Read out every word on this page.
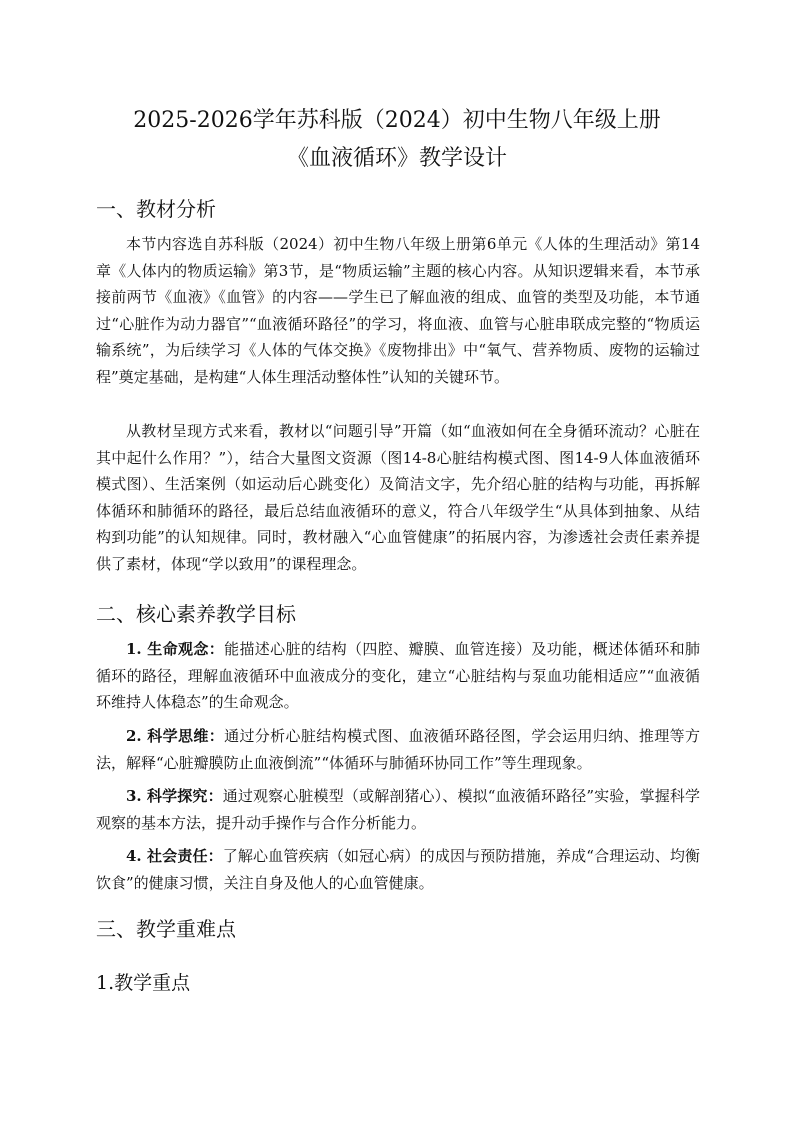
2025-2026学年苏科版（2024）初中生物八年级上册
《血液循环》教学设计
一、教材分析

本节内容选自苏科版（2024）初中生物八年级上册第6单元《人体的生理活动》第14章《人体内的物质运输》第3节，是“物质运输”主题的核心内容。从知识逻辑来看，本节承接前两节《血液》《血管》的内容——学生已了解血液的组成、血管的类型及功能，本节通过“心脏作为动力器官”“血液循环路径”的学习，将血液、血管与心脏串联成完整的“物质运输系统”，为后续学习《人体的气体交换》《废物排出》中“氧气、营养物质、废物的运输过程”奠定基础，是构建“人体生理活动整体性”认知的关键环节。

从教材呈现方式来看，教材以“问题引导”开篇（如“血液如何在全身循环流动？心脏在其中起什么作用？”），结合大量图文资源（图14-8心脏结构模式图、图14-9人体血液循环模式图）、生活案例（如运动后心跳变化）及简洁文字，先介绍心脏的结构与功能，再拆解体循环和肺循环的路径，最后总结血液循环的意义，符合八年级学生“从具体到抽象、从结构到功能”的认知规律。同时，教材融入“心血管健康”的拓展内容，为渗透社会责任素养提供了素材，体现“学以致用”的课程理念。

二、核心素养教学目标

1. 生命观念：能描述心脏的结构（四腔、瓣膜、血管连接）及功能，概述体循环和肺循环的路径，理解血液循环中血液成分的变化，建立“心脏结构与泵血功能相适应”“血液循环维持人体稳态”的生命观念。

2. 科学思维：通过分析心脏结构模式图、血液循环路径图，学会运用归纳、推理等方法，解释“心脏瓣膜防止血液倒流”“体循环与肺循环协同工作”等生理现象。

3. 科学探究：通过观察心脏模型（或解剖猪心）、模拟“血液循环路径”实验，掌握科学观察的基本方法，提升动手操作与合作分析能力。

4. 社会责任：了解心血管疾病（如冠心病）的成因与预防措施，养成“合理运动、均衡饮食”的健康习惯，关注自身及他人的心血管健康。

三、教学重难点
1.教学重点
